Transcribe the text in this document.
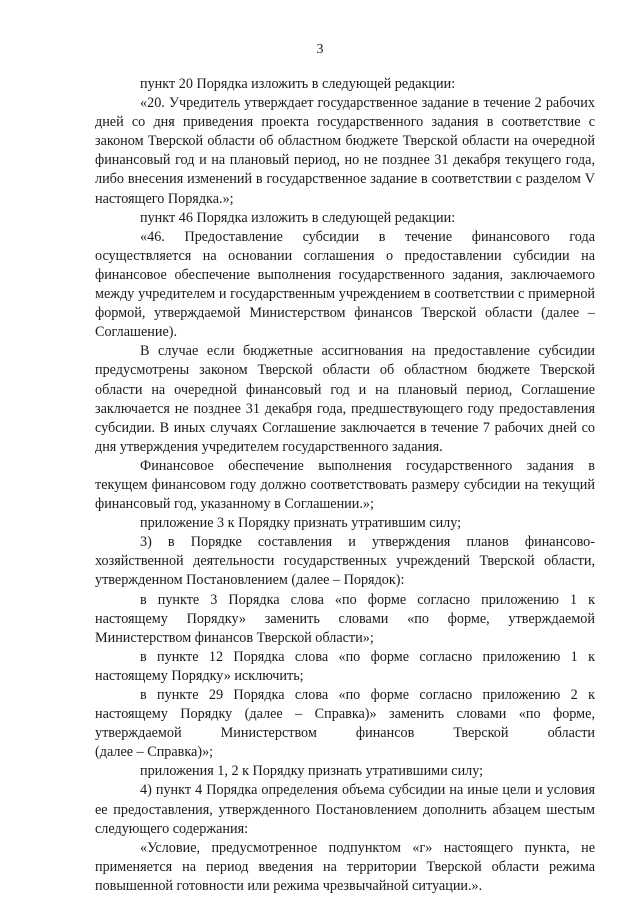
3

пункт 20 Порядка изложить в следующей редакции:

«20. Учредитель утверждает государственное задание в течение 2 рабочих дней со дня приведения проекта государственного задания в соответствие с законом Тверской области об областном бюджете Тверской области на очередной финансовый год и на плановый период, но не позднее 31 декабря текущего года, либо внесения изменений в государственное задание в соответствии с разделом V настоящего Порядка.»;

пункт 46 Порядка изложить в следующей редакции:

«46. Предоставление субсидии в течение финансового года осуществляется на основании соглашения о предоставлении субсидии на финансовое обеспечение выполнения государственного задания, заключаемого между учредителем и государственным учреждением в соответствии с примерной формой, утверждаемой Министерством финансов Тверской области (далее – Соглашение).

В случае если бюджетные ассигнования на предоставление субсидии предусмотрены законом Тверской области об областном бюджете Тверской области на очередной финансовый год и на плановый период, Соглашение заключается не позднее 31 декабря года, предшествующего году предоставления субсидии. В иных случаях Соглашение заключается в течение 7 рабочих дней со дня утверждения учредителем государственного задания.

Финансовое обеспечение выполнения государственного задания в текущем финансовом году должно соответствовать размеру субсидии на текущий финансовый год, указанному в Соглашении.»;

приложение 3 к Порядку признать утратившим силу;

3) в Порядке составления и утверждения планов финансово-хозяйственной деятельности государственных учреждений Тверской области, утвержденном Постановлением (далее – Порядок):

в пункте 3 Порядка слова «по форме согласно приложению 1 к настоящему Порядку» заменить словами «по форме, утверждаемой Министерством финансов Тверской области»;

в пункте 12 Порядка слова «по форме согласно приложению 1 к настоящему Порядку» исключить;

в пункте 29 Порядка слова «по форме согласно приложению 2 к настоящему Порядку (далее – Справка)» заменить словами «по форме, утверждаемой Министерством финансов Тверской области

(далее – Справка)»;

приложения 1, 2 к Порядку признать утратившими силу;

4) пункт 4 Порядка определения объема субсидии на иные цели и условия ее предоставления, утвержденного Постановлением дополнить абзацем шестым следующего содержания:

«Условие, предусмотренное подпунктом «г» настоящего пункта, не применяется на период введения на территории Тверской области режима повышенной готовности или режима чрезвычайной ситуации.».
